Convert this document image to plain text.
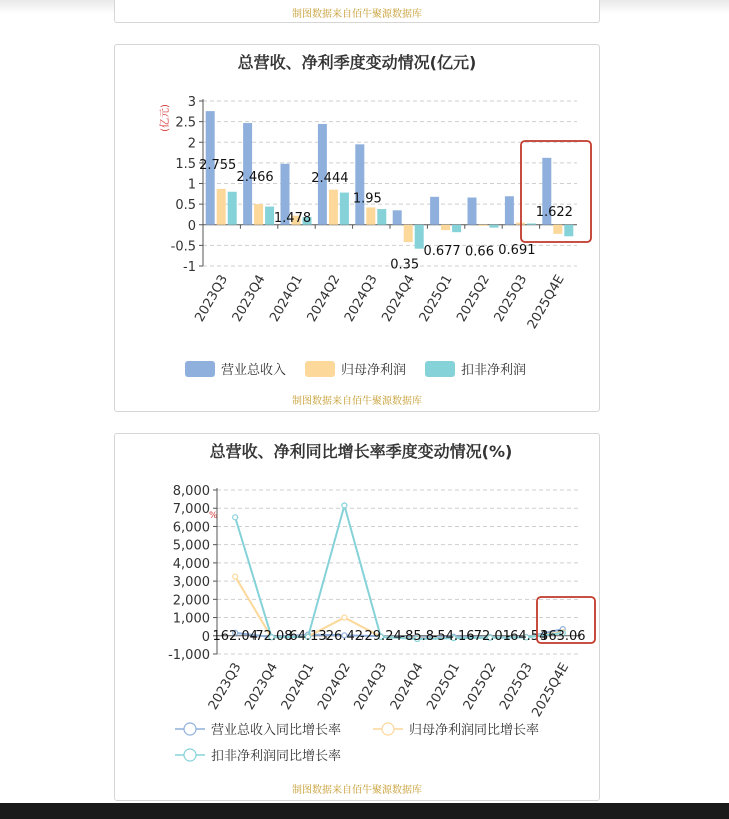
制图数据来自佰牛聚源数据库
总营收、净利季度变动情况(亿元)
(亿元)
-1
-0.5
0
0.5
1
1.5
2
2.5
3
2023Q3
2.755
2023Q4
2.466
2024Q1
1.478
2024Q2
2.444
2024Q3
1.95
2024Q4
0.35
2025Q1
0.677
2025Q2
0.66
2025Q3
0.691
2025Q4E
1.622
营业总收入	归母净利润	扣非净利润
制图数据来自佰牛聚源数据库
总营收、净利同比增长率季度变动情况(%)
%
-1,000
0
1,000
2,000
3,000
4,000
5,000
6,000
7,000
8,000
2023Q3
2023Q4
2024Q1
2024Q2
2024Q3
2024Q4
2025Q1
2025Q2
2025Q3
2025Q4E
162.04
-72.08
64.13 26.42
-29.24
-85.8
-54.16
-72.01
-64.54
363.06
营业总收入同比增长率	归母净利润同比增长率
扣非净利润同比增长率
制图数据来自佰牛聚源数据库
